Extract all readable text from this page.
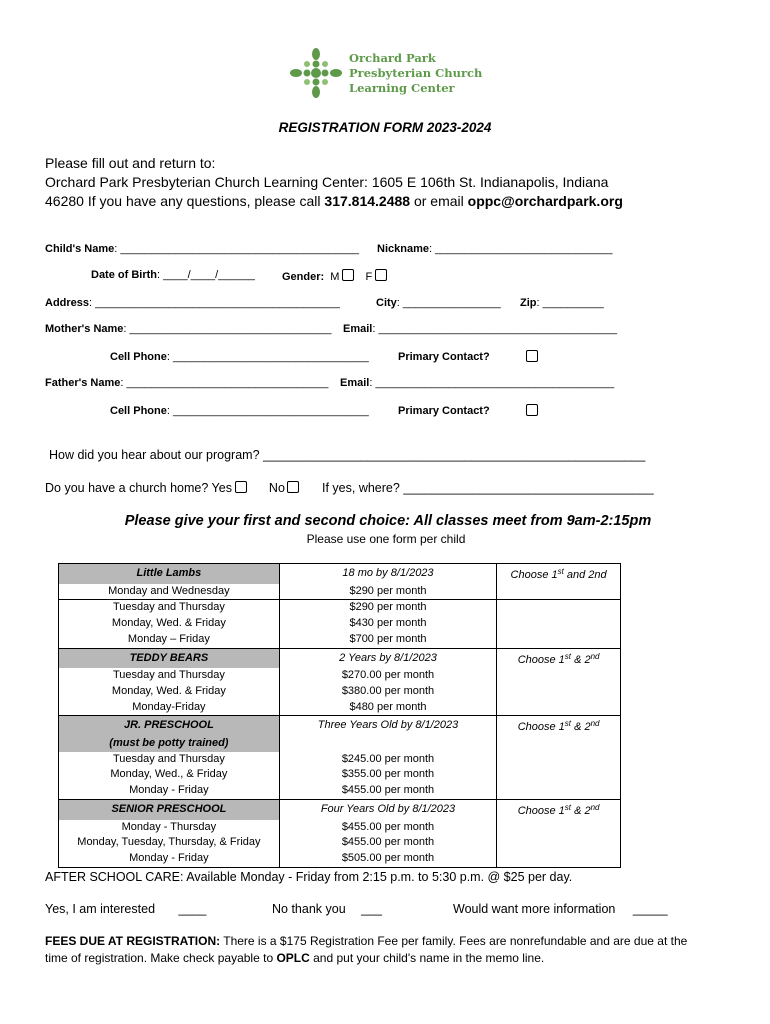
Orchard Park
Presbyterian Church
Learning Center
REGISTRATION FORM 2023-2024
Please fill out and return to:
Orchard Park Presbyterian Church Learning Center: 1605 E 106th St. Indianapolis, Indiana
46280 If you have any questions, please call 317.814.2488 or email oppc@orchardpark.org
Child's Name: _______________________________________ Nickname: _____________________________
Date of Birth: ____/____/______ Gender: M F
Address: ________________________________________	City: ________________ Zip: __________
Mother's Name: _________________________________ Email: _______________________________________
Cell Phone: ________________________________	Primary Contact?
Father's Name: _________________________________ Email: _______________________________________
Cell Phone: ________________________________	Primary Contact?
How did you hear about our program? _______________________________________________________
Do you have a church home? Yes	No	If yes, where? ____________________________________
Please give your first and second choice: All classes meet from 9am-2:15pm
Please use one form per child
Little Lambs	18 mo by 8/1/2023	Choose 1st and 2nd
Monday and Wednesday	$290 per month	
Tuesday and Thursday	$290 per month	
Monday, Wed. & Friday	$430 per month	
Monday – Friday	$700 per month	
TEDDY BEARS	2 Years by 8/1/2023	Choose 1st & 2nd
Tuesday and Thursday	$270.00 per month	
Monday, Wed. & Friday	$380.00 per month	
Monday-Friday	$480 per month	
JR. PRESCHOOL	Three Years Old by 8/1/2023	Choose 1st & 2nd
(must be potty trained)		
Tuesday and Thursday	$245.00 per month	
Monday, Wed., & Friday	$355.00 per month	
Monday - Friday	$455.00 per month	
SENIOR PRESCHOOL	Four Years Old by 8/1/2023	Choose 1st & 2nd
Monday - Thursday	$455.00 per month	
Monday, Tuesday, Thursday, & Friday	$455.00 per month	
Monday - Friday	$505.00 per month	
AFTER SCHOOL CARE: Available Monday - Friday from 2:15 p.m. to 5:30 p.m. @ $25 per day.
Yes, I am interested ____	No thank you ___	Would want more information _____
FEES DUE AT REGISTRATION: There is a $175 Registration Fee per family. Fees are nonrefundable and are due at the
time of registration. Make check payable to OPLC and put your child's name in the memo line.
